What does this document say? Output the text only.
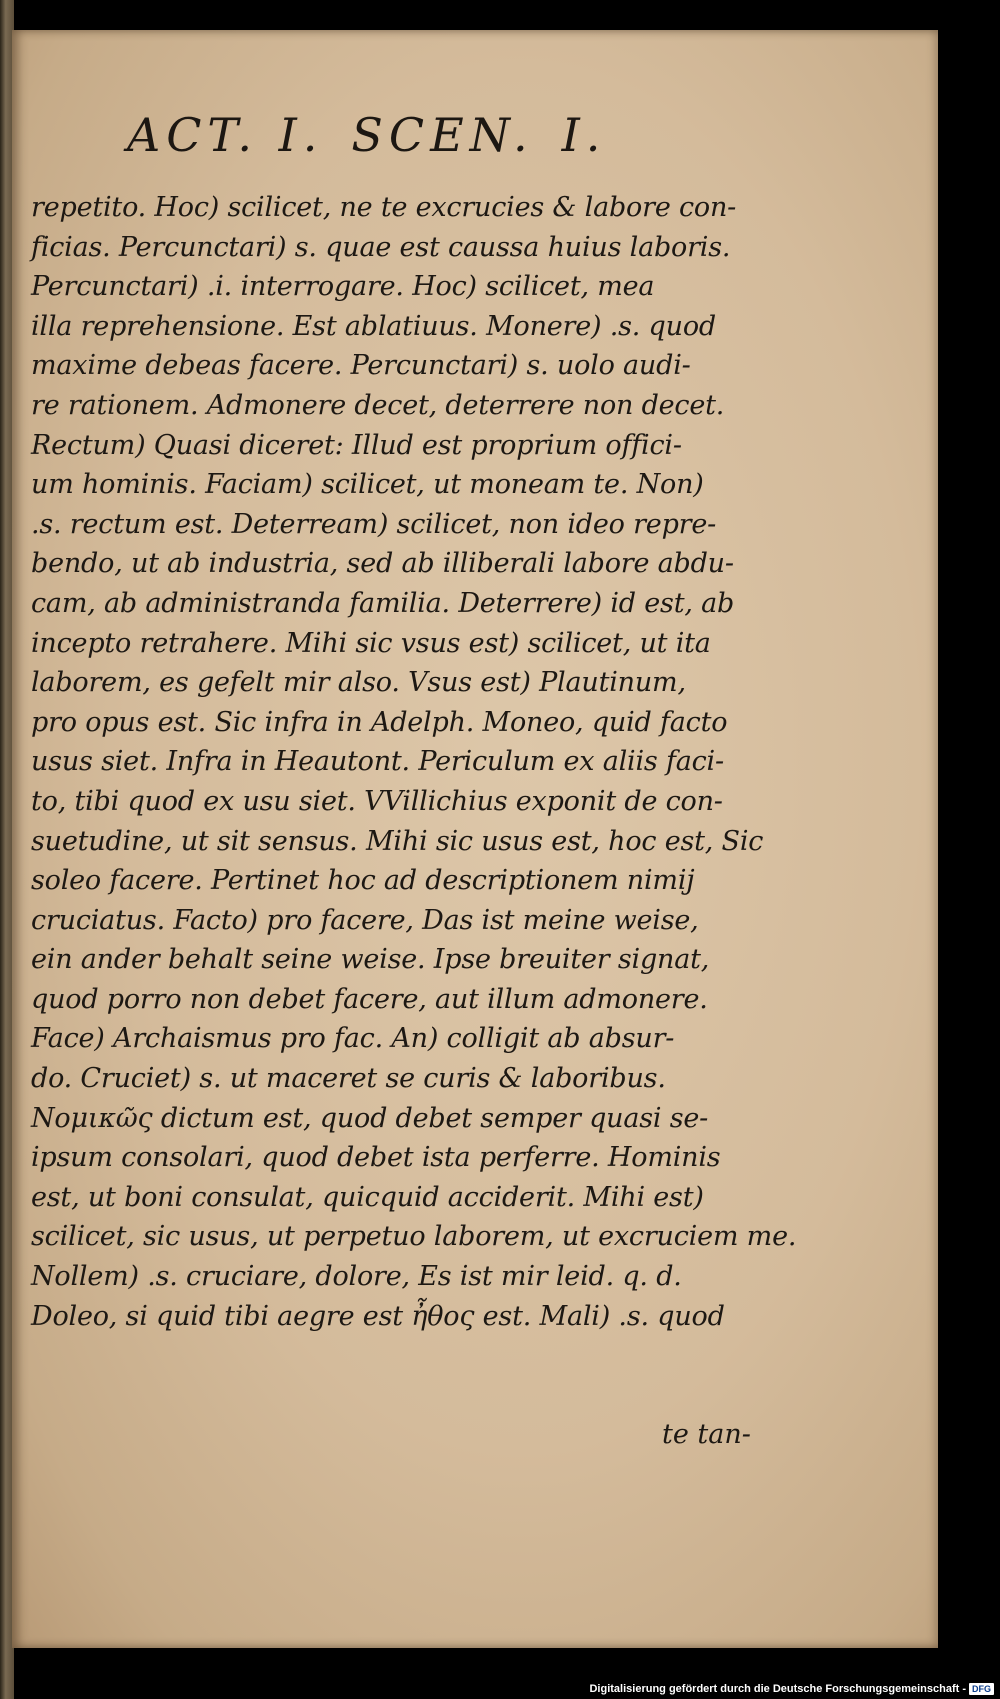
ACT. I. SCEN. I.
repetito. Hoc) scilicet, ne te excrucies & labore con-
ficias. Percunctari) s. quae est caussa huius laboris.
Percunctari) .i. interrogare. Hoc) scilicet, mea
illa reprehensione. Est ablatiuus. Monere) .s. quod
maxime debeas facere. Percunctari) s. uolo audi-
re rationem. Admonere decet, deterrere non decet.
Rectum) Quasi diceret: Illud est proprium offici-
um hominis. Faciam) scilicet, ut moneam te. Non)
.s. rectum est. Deterream) scilicet, non ideo repre-
bendo, ut ab industria, sed ab illiberali labore abdu-
cam, ab administranda familia. Deterrere) id est, ab
incepto retrahere. Mihi sic vsus est) scilicet, ut ita
laborem, es gefelt mir also. Vsus est) Plautinum,
pro opus est. Sic infra in Adelph. Moneo, quid facto
usus siet. Infra in Heautont. Periculum ex aliis faci-
to, tibi quod ex usu siet. VVillichius exponit de con-
suetudine, ut sit sensus. Mihi sic usus est, hoc est, Sic
soleo facere. Pertinet hoc ad descriptionem nimij
cruciatus. Facto) pro facere, Das ist meine weise,
ein ander behalt seine weise. Ipse breuiter signat,
quod porro non debet facere, aut illum admonere.
Face) Archaismus pro fac. An) colligit ab absur-
do. Cruciet) s. ut maceret se curis & laboribus.
Νομικῶς dictum est, quod debet semper quasi se-
ipsum consolari, quod debet ista perferre. Hominis
est, ut boni consulat, quicquid acciderit. Mihi est)
scilicet, sic usus, ut perpetuo laborem, ut excruciem me.
Nollem) .s. cruciare, dolore, Es ist mir leid. q. d.
Doleo, si quid tibi aegre est ἦθος est. Mali) .s. quod
te tan-
Digitalisierung gefördert durch die Deutsche Forschungsgemeinschaft - DFG
